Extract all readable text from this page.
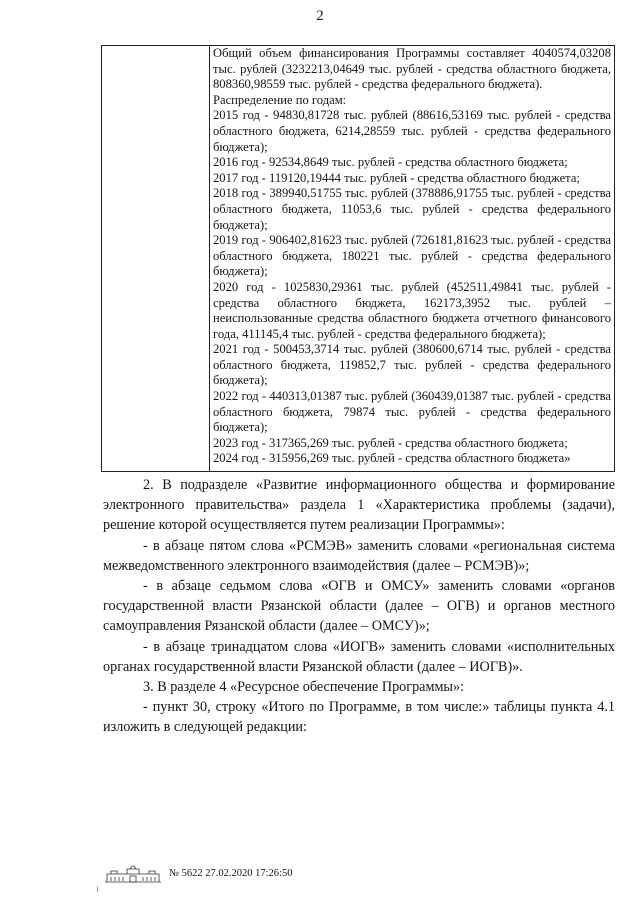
2

Общий объем финансирования Программы составляет 4040574,03208 тыс. рублей (3232213,04649 тыс. рублей - средства областного бюджета, 808360,98559 тыс. рублей - средства федерального бюджета).

Распределение по годам:

2015 год - 94830,81728 тыс. рублей (88616,53169 тыс. рублей - средства областного бюджета, 6214,28559 тыс. рублей - средства федерального бюджета);

2016 год - 92534,8649 тыс. рублей - средства областного бюджета;

2017 год - 119120,19444 тыс. рублей - средства областного бюджета;

2018 год - 389940,51755 тыс. рублей (378886,91755 тыс. рублей - средства областного бюджета, 11053,6 тыс. рублей - средства федерального бюджета);

2019 год - 906402,81623 тыс. рублей (726181,81623 тыс. рублей - средства областного бюджета, 180221 тыс. рублей - средства федерального бюджета);

2020 год - 1025830,29361 тыс. рублей (452511,49841 тыс. рублей - средства областного бюджета, 162173,3952 тыс. рублей – неиспользованные средства областного бюджета отчетного финансового года, 411145,4 тыс. рублей - средства федерального бюджета);

2021 год - 500453,3714 тыс. рублей (380600,6714 тыс. рублей - средства областного бюджета, 119852,7 тыс. рублей - средства федерального бюджета);

2022 год - 440313,01387 тыс. рублей (360439,01387 тыс. рублей - средства областного бюджета, 79874 тыс. рублей - средства федерального бюджета);

2023 год - 317365,269 тыс. рублей - средства областного бюджета;

2024 год - 315956,269 тыс. рублей - средства областного бюджета»

2. В подразделе «Развитие информационного общества и формирование электронного правительства» раздела 1 «Характеристика проблемы (задачи), решение которой осуществляется путем реализации Программы»:

- в абзаце пятом слова «РСМЭВ» заменить словами «региональная система межведомственного электронного взаимодействия (далее – РСМЭВ)»;

- в абзаце седьмом слова «ОГВ и ОМСУ» заменить словами «органов государственной власти Рязанской области (далее – ОГВ) и органов местного самоуправления Рязанской области (далее – ОМСУ)»;

- в абзаце тринадцатом слова «ИОГВ» заменить словами «исполнительных органах государственной власти Рязанской области (далее – ИОГВ)».

3. В разделе 4 «Ресурсное обеспечение Программы»:

- пункт 30, строку «Итого по Программе, в том числе:» таблицы пункта 4.1 изложить в следующей редакции:

№ 5622 27.02.2020 17:26:50
ı
